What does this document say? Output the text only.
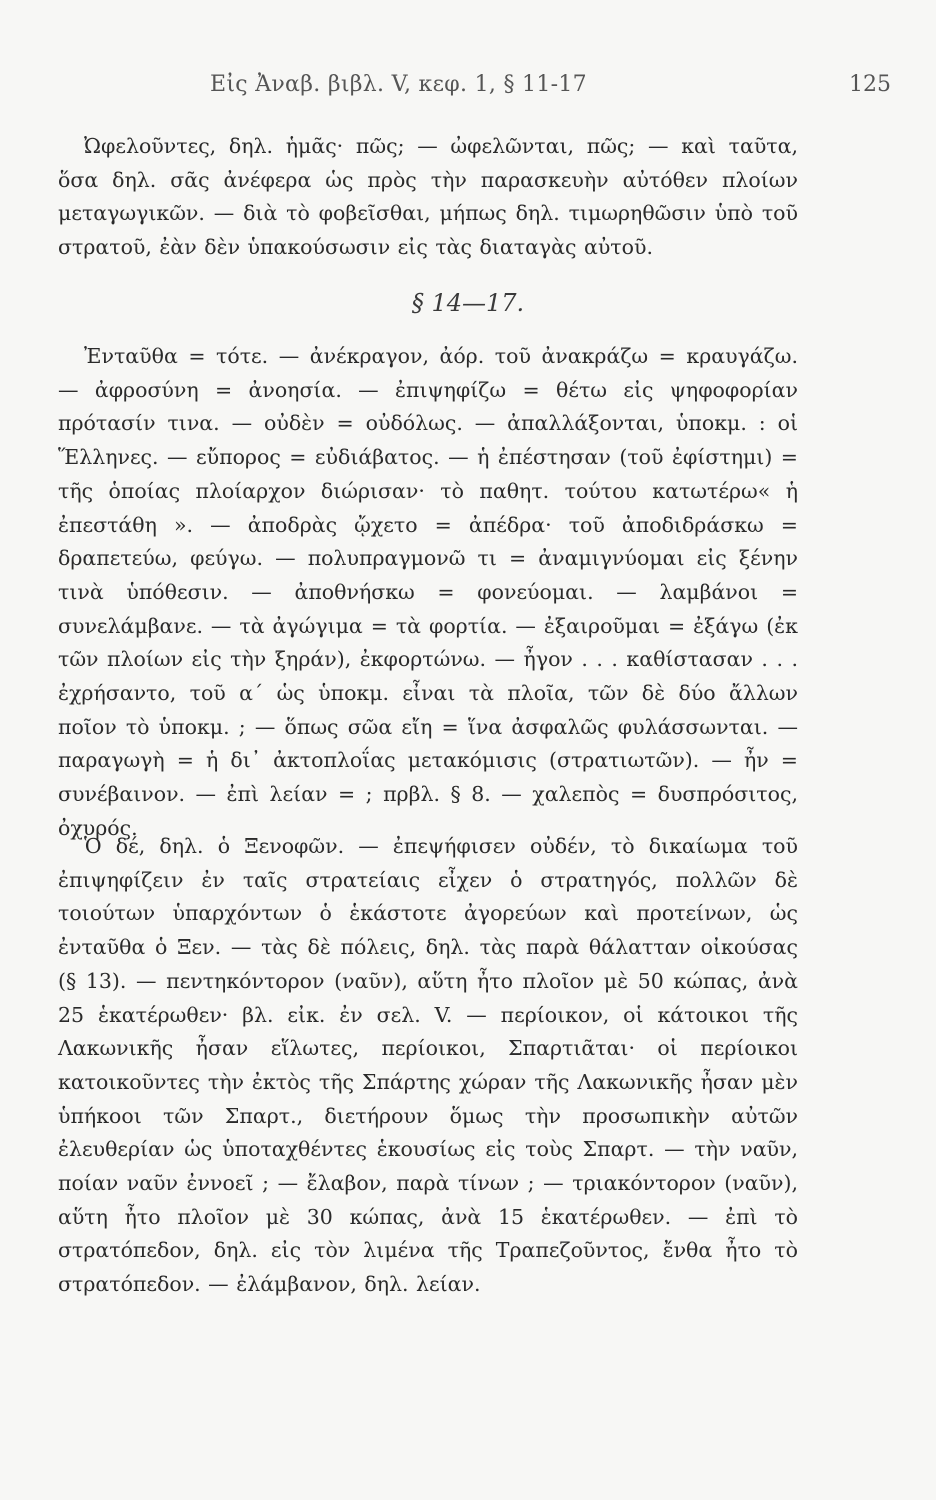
Εἰς Ἀναβ. βιβλ. V, κεφ. 1, § 11-17	125

Ὠφελοῦντες, δηλ. ἡμᾶς· πῶς; — ὠφελῶνται, πῶς; — καὶ ταῦτα, ὅσα δηλ. σᾶς ἀνέφερα ὡς πρὸς τὴν παρασκευὴν αὐτόθεν πλοίων μεταγωγικῶν. — διὰ τὸ φοβεῖσθαι, μήπως δηλ. τιμωρηθῶσιν ὑπὸ τοῦ στρατοῦ, ἐὰν δὲν ὑπακούσωσιν εἰς τὰς διαταγὰς αὐτοῦ.

§ 14—17.

Ἐνταῦθα = τότε. — ἀνέκραγον, ἀόρ. τοῦ ἀνακράζω = κραυγάζω. — ἀφροσύνη = ἀνοησία. — ἐπιψηφίζω = θέτω εἰς ψηφοφορίαν πρότασίν τινα. — οὐδὲν = οὐδόλως. — ἀπαλλάξονται, ὑποκμ. : οἱ Ἕλληνες. — εὔπορος = εὐδιάβατος. — ἡ ἐπέστησαν (τοῦ ἐφίστημι) = τῆς ὁποίας πλοίαρχον διώρισαν· τὸ παθητ. τούτου κατωτέρω« ἡ ἐπεστάθη ». — ἀποδρὰς ᾤχετο = ἀπέδρα· τοῦ ἀποδιδράσκω = δραπετεύω, φεύγω. — πολυπραγμονῶ τι = ἀναμιγνύομαι εἰς ξένην τινὰ ὑπόθεσιν. — ἀποθνήσκω = φονεύομαι. — λαμβάνοι = συνελάμβανε. — τὰ ἀγώγιμα = τὰ φορτία. — ἐξαιροῦμαι = ἐξάγω (ἐκ τῶν πλοίων εἰς τὴν ξηράν), ἐκφορτώνω. — ἦγον . . . καθίστασαν . . . ἐχρήσαντο, τοῦ α΄ ὡς ὑποκμ. εἶναι τὰ πλοῖα, τῶν δὲ δύο ἄλλων ποῖον τὸ ὑποκμ. ; — ὅπως σῶα εἴη = ἵνα ἀσφαλῶς φυλάσσωνται. — παραγωγὴ = ἡ δι᾽ ἀκτοπλοΐας μετακόμισις (στρατιωτῶν). — ἦν = συνέβαινον. — ἐπὶ λείαν = ; πρβλ. § 8. — χαλεπὸς = δυσπρόσιτος, ὀχυρός.

Ὁ δέ, δηλ. ὁ Ξενοφῶν. — ἐπεψήφισεν οὐδέν, τὸ δικαίωμα τοῦ ἐπιψηφίζειν ἐν ταῖς στρατείαις εἶχεν ὁ στρατηγός, πολλῶν δὲ τοιούτων ὑπαρχόντων ὁ ἑκάστοτε ἀγορεύων καὶ προτείνων, ὡς ἐνταῦθα ὁ Ξεν. — τὰς δὲ πόλεις, δηλ. τὰς παρὰ θάλατταν οἰκούσας (§ 13). — πεντηκόντορον (ναῦν), αὕτη ἦτο πλοῖον μὲ 50 κώπας, ἀνὰ 25 ἑκατέρωθεν· βλ. εἰκ. ἐν σελ. V. — περίοικον, οἱ κάτοικοι τῆς Λακωνικῆς ἦσαν εἵλωτες, περίοικοι, Σπαρτιᾶται· οἱ περίοικοι κατοικοῦντες τὴν ἐκτὸς τῆς Σπάρτης χώραν τῆς Λακωνικῆς ἦσαν μὲν ὑπήκοοι τῶν Σπαρτ., διετήρουν ὅμως τὴν προσωπικὴν αὐτῶν ἐλευθερίαν ὡς ὑποταχθέντες ἑκουσίως εἰς τοὺς Σπαρτ. — τὴν ναῦν, ποίαν ναῦν ἐννοεῖ ; — ἔλαβον, παρὰ τίνων ; — τριακόντορον (ναῦν), αὕτη ἦτο πλοῖον μὲ 30 κώπας, ἀνὰ 15 ἑκατέρωθεν. — ἐπὶ τὸ στρατόπεδον, δηλ. εἰς τὸν λιμένα τῆς Τραπεζοῦντος, ἔνθα ἦτο τὸ στρατόπεδον. — ἐλάμβανον, δηλ. λείαν.
